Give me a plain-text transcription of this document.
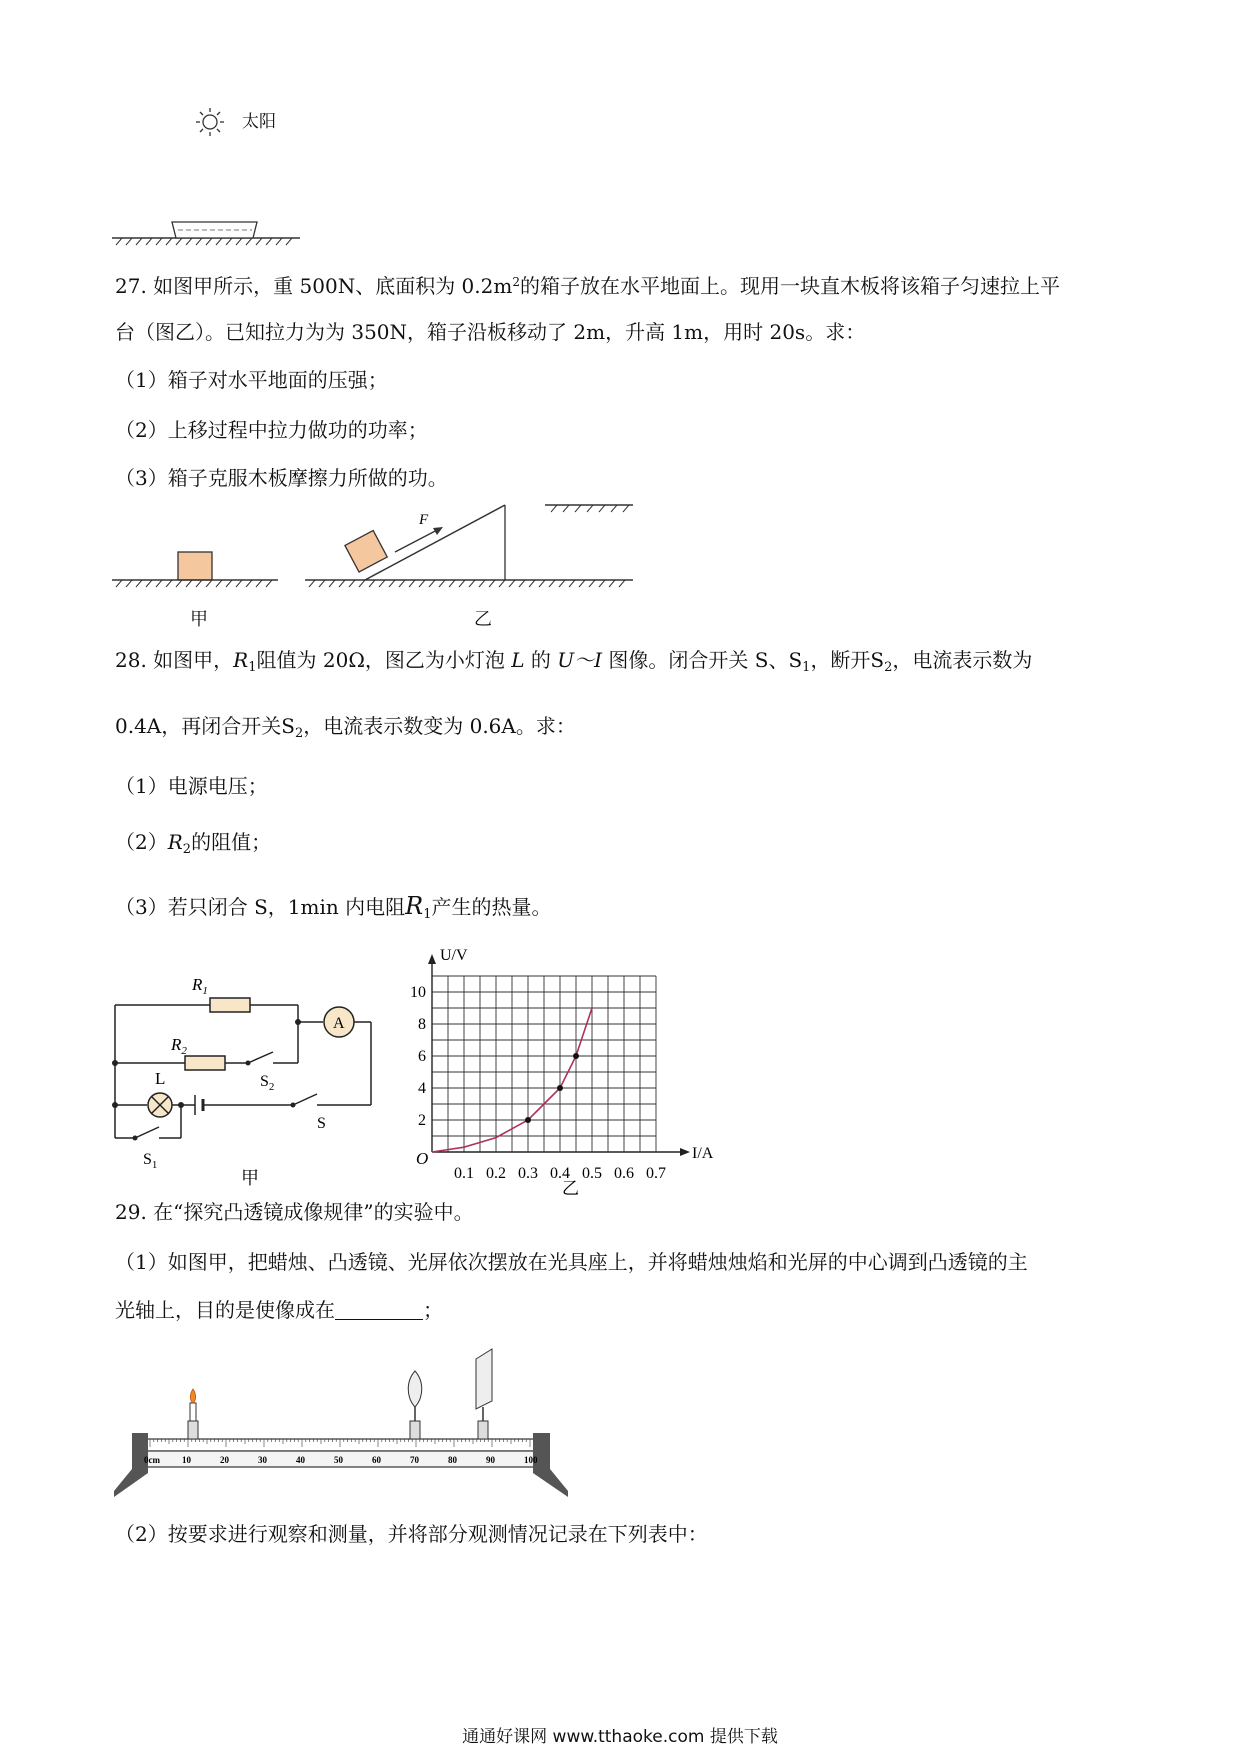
太阳
27. 如图甲所示，重 500N、底面积为 $0.2m^2$的箱子放在水平地面上。现用一块直木板将该箱子匀速拉上平
台（图乙）。已知拉力为为 350N，箱子沿板移动了 2m，升高 1m，用时 20s。求：
（1）箱子对水平地面的压强；
（2）上移过程中拉力做功的功率；
（3）箱子克服木板摩擦力所做的功。
甲
F
乙
28. 如图甲，$R_1$阻值为 20Ω，图乙为小灯泡 L 的 U～I 图像。闭合开关 S、$S_1$，断开$S_2$，电流表示数为
0.4A，再闭合开关$S_2$，电流表示数变为 0.6A。求：
（1）电源电压；
$(2)R_2$的阻值；
（3）若只闭合 S，1min 内电阻$R_1$产生的热量。
$R_1$
$R_2$
A
$S_2$
L
S
$S_1$
甲	0.1 0.2 0.3 0.4 0.5 0.6 0.7
2
4
6
8
10
O	I/A
U/V
乙
29. 在“探究凸透镜成像规律”的实验中。
（1）如图甲，把蜡烛、凸透镜、光屏依次摆放在光具座上，并将蜡烛烛焰和光屏的中心调到凸透镜的主
光轴上，目的是使像成在	；
0cm 10	20	30	40	50	60	70	80	90	100
（2）按要求进行观察和测量，并将部分观测情况记录在下列表中：
通通好课网 www.tthaoke.com 提供下载
